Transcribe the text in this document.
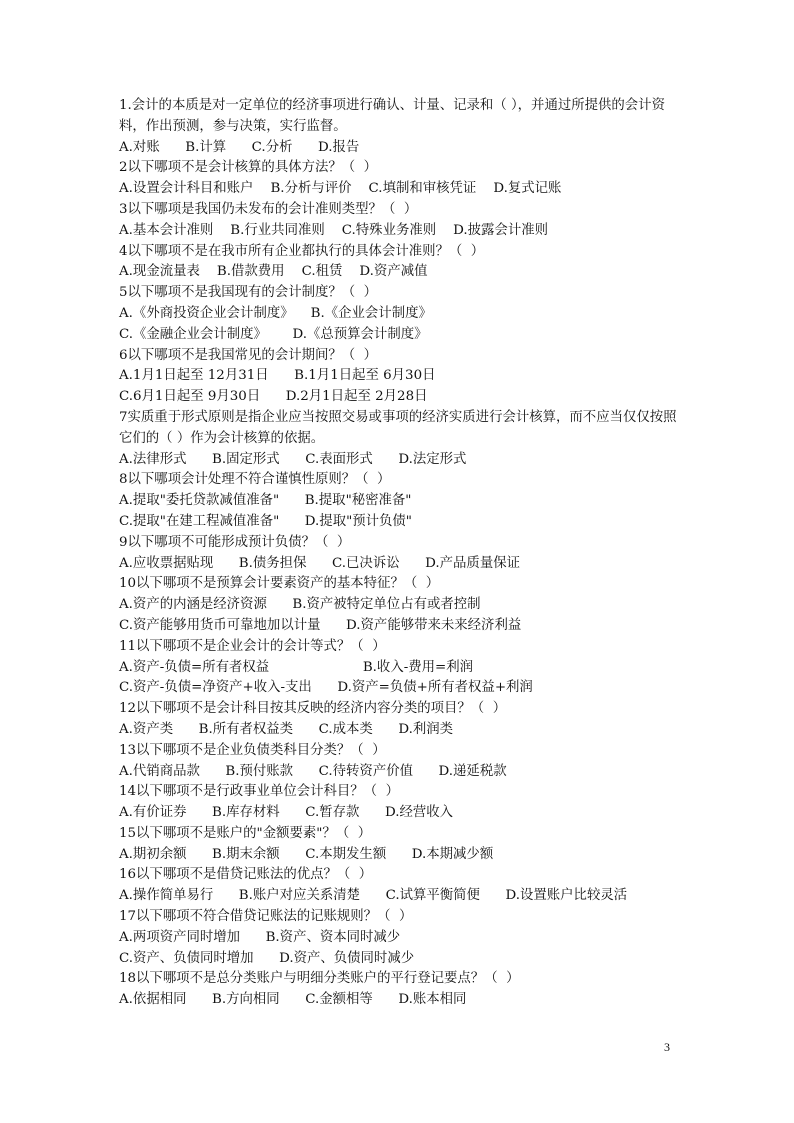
1.会计的本质是对一定单位的经济事项进行确认、计量、记录和（ ），并通过所提供的会计资料，作出预测，参与决策，实行监督。
A.对账      B.计算      C.分析      D.报告
2以下哪项不是会计核算的具体方法？（  ）
A.设置会计科目和账户    B.分析与评价    C.填制和审核凭证    D.复式记账
3以下哪项是我国仍未发布的会计准则类型？（  ）
A.基本会计准则    B.行业共同准则    C.特殊业务准则    D.披露会计准则
4以下哪项不是在我市所有企业都执行的具体会计准则？（  ）
A.现金流量表    B.借款费用    C.租赁    D.资产减值
5以下哪项不是我国现有的会计制度？（  ）
A.《外商投资企业会计制度》    B.《企业会计制度》
C.《金融企业会计制度》      D.《总预算会计制度》
6以下哪项不是我国常见的会计期间？（  ）
A.1月1日起至 12月31日      B.1月1日起至 6月30日
C.6月1日起至 9月30日      D.2月1日起至 2月28日
7实质重于形式原则是指企业应当按照交易或事项的经济实质进行会计核算，而不应当仅仅按照它们的（ ）作为会计核算的依据。
A.法律形式      B.固定形式      C.表面形式      D.法定形式
8以下哪项会计处理不符合谨慎性原则？（  ）
A.提取"委托贷款减值准备"      B.提取"秘密准备"
C.提取"在建工程减值准备"      D.提取"预计负债"
9以下哪项不可能形成预计负债？（  ）
A.应收票据贴现      B.债务担保      C.已决诉讼      D.产品质量保证
10以下哪项不是预算会计要素资产的基本特征？（  ）
A.资产的内涵是经济资源      B.资产被特定单位占有或者控制
C.资产能够用货币可靠地加以计量      D.资产能够带来未来经济利益
11以下哪项不是企业会计的会计等式？（  ）
A.资产-负债=所有者权益                      B.收入-费用=利润
C.资产-负债=净资产+收入-支出      D.资产=负债+所有者权益+利润
12以下哪项不是会计科目按其反映的经济内容分类的项目？（  ）
A.资产类      B.所有者权益类      C.成本类      D.利润类
13以下哪项不是企业负债类科目分类？（  ）
A.代销商品款      B.预付账款      C.待转资产价值      D.递延税款
14以下哪项不是行政事业单位会计科目？（  ）
A.有价证券      B.库存材料      C.暂存款      D.经营收入
15以下哪项不是账户的"金额要素"？（  ）
A.期初余额      B.期末余额      C.本期发生额      D.本期减少额
16以下哪项不是借贷记账法的优点？（  ）
A.操作简单易行      B.账户对应关系清楚      C.试算平衡简便      D.设置账户比较灵活
17以下哪项不符合借贷记账法的记账规则？（  ）
A.两项资产同时增加      B.资产、资本同时减少
C.资产、负债同时增加      D.资产、负债同时减少
18以下哪项不是总分类账户与明细分类账户的平行登记要点？（  ）
A.依据相同      B.方向相同      C.金额相等      D.账本相同
3
